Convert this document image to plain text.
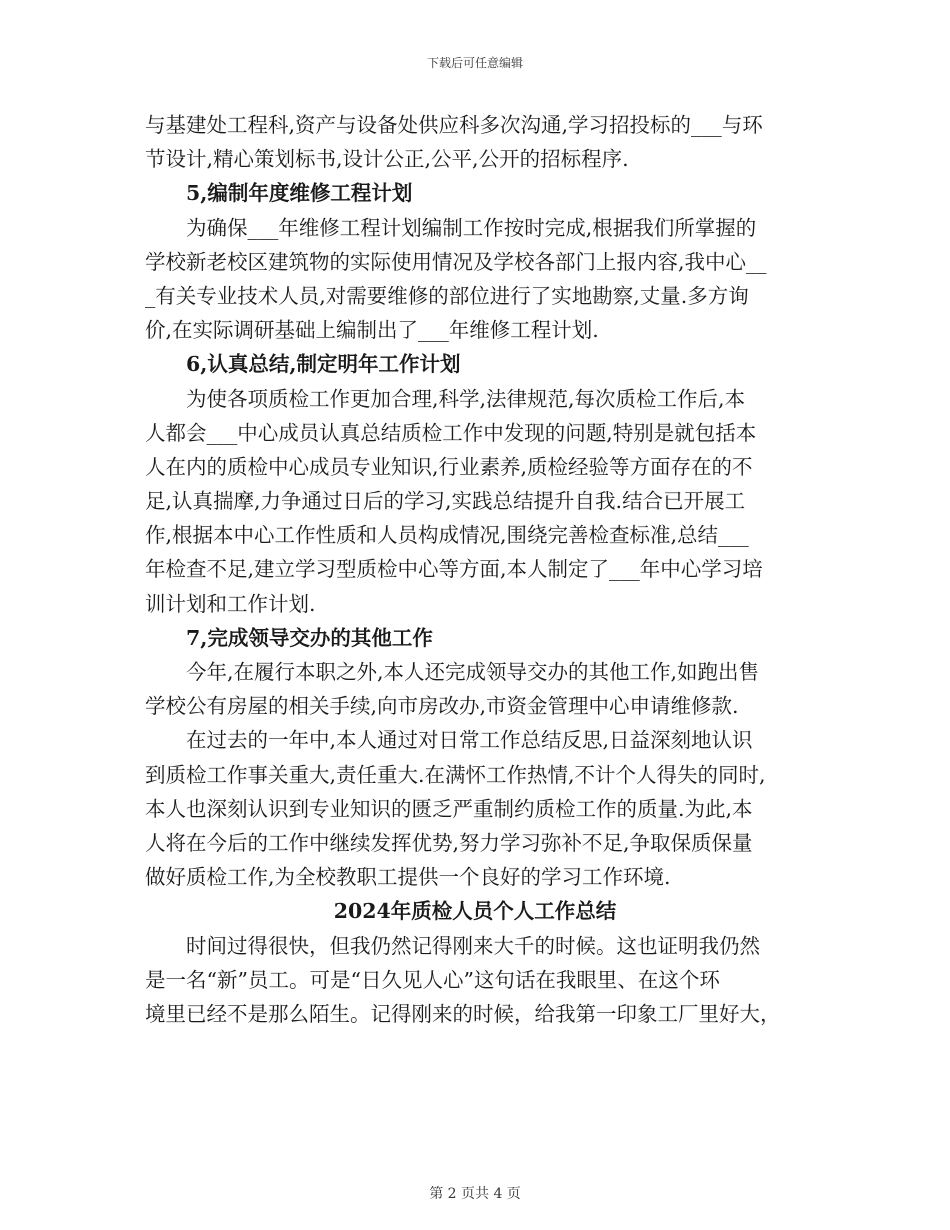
下载后可任意编辑
与基建处工程科,资产与设备处供应科多次沟通,学习招投标的___与环
节设计,精心策划标书,设计公正,公平,公开的招标程序.
5,编制年度维修工程计划
为确保___年维修工程计划编制工作按时完成,根据我们所掌握的
学校新老校区建筑物的实际使用情况及学校各部门上报内容,我中心__
_有关专业技术人员,对需要维修的部位进行了实地勘察,丈量.多方询
价,在实际调研基础上编制出了___年维修工程计划.
6,认真总结,制定明年工作计划
为使各项质检工作更加合理,科学,法律规范,每次质检工作后,本
人都会___中心成员认真总结质检工作中发现的问题,特别是就包括本
人在内的质检中心成员专业知识,行业素养,质检经验等方面存在的不
足,认真揣摩,力争通过日后的学习,实践总结提升自我.结合已开展工
作,根据本中心工作性质和人员构成情况,围绕完善检查标准,总结___
年检查不足,建立学习型质检中心等方面,本人制定了___年中心学习培
训计划和工作计划.
7,完成领导交办的其他工作
今年,在履行本职之外,本人还完成领导交办的其他工作,如跑出售
学校公有房屋的相关手续,向市房改办,市资金管理中心申请维修款.
在过去的一年中,本人通过对日常工作总结反思,日益深刻地认识
到质检工作事关重大,责任重大.在满怀工作热情,不计个人得失的同时,
本人也深刻认识到专业知识的匮乏严重制约质检工作的质量.为此,本
人将在今后的工作中继续发挥优势,努力学习弥补不足,争取保质保量
做好质检工作,为全校教职工提供一个良好的学习工作环境.
2024年质检人员个人工作总结
时间过得很快，但我仍然记得刚来大千的时候。这也证明我仍然
是一名“新”员工。可是“日久见人心”这句话在我眼里、在这个环
境里已经不是那么陌生。记得刚来的时候，给我第一印象工厂里好大，
第 2 页共 4 页
